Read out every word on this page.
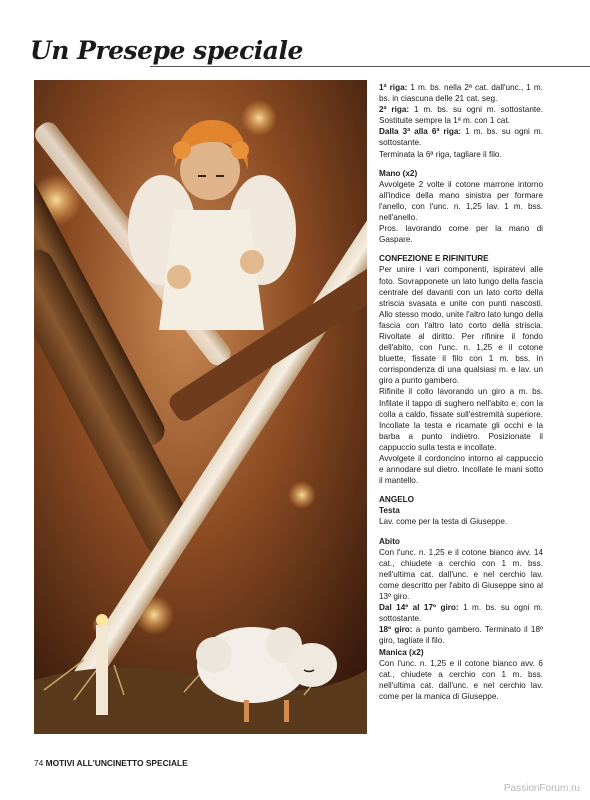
Un Presepe speciale

1ª riga: 1 m. bs. nella 2ª cat. dall'unc., 1 m. bs. in ciascuna delle 21 cat. seg.

2ª riga: 1 m. bs. su ogni m. sottostante. Sostituite sempre la 1ª m. con 1 cat.

Dalla 3ª alla 6ª riga: 1 m. bs. su ogni m. sottostante.

Terminata la 6ª riga, tagliare il filo.

Mano (x2)

Avvolgete 2 volte il cotone marrone intorno all'indice della mano sinistra per formare l'anello, con l'unc. n. 1,25 lav. 1 m. bss. nell'anello.

Pros. lavorando come per la mano di Gaspare.

CONFEZIONE E RIFINITURE

Per unire i vari componenti, ispiratevi alle foto. Sovrapponete un lato lungo della fascia centrale del davanti con un lato corto della striscia svasata e unite con punti nascosti. Allo stesso modo, unite l'altro lato lungo della fascia con l'altro lato corto della striscia. Rivoltate al diritto. Per rifinire il fondo dell'abito, con l'unc. n. 1,25 e il cotone bluette, fissate il filo con 1 m. bss. in corrispondenza di una qualsiasi m. e lav. un giro a punto gambero.

Rifinite il collo lavorando un giro a m. bs. Infilate il tappo di sughero nell'abito e, con la colla a caldo, fissate sull'estremità superiore. Incollate la testa e ricamate gli occhi e la barba a punto indietro. Posizionate il cappuccio sulla testa e incollate.

Avvolgete il cordoncino intorno al cappuccio e annodare sul dietro. Incollate le mani sotto il mantello.

ANGELO

Testa

Lav. come per la testa di Giuseppe.

Abito

Con l'unc. n. 1,25 e il cotone bianco avv. 14 cat., chiudete a cerchio con 1 m. bss. nell'ultima cat. dall'unc. e nel cerchio lav. come descritto per l'abito di Giuseppe sino al 13º giro.

Dal 14º al 17º giro: 1 m. bs. su ogni m. sottostante.

18º giro: a punto gambero. Terminato il 18º giro, tagliate il filo.

Manica (x2)

Con l'unc. n. 1,25 e il cotone bianco avv. 6 cat., chiudete a cerchio con 1 m. bss. nell'ultima cat. dall'unc. e nel cerchio lav. come per la manica di Giuseppe.

74 MOTIVI ALL'UNCINETTO SPECIALE
PassionForum.ru
